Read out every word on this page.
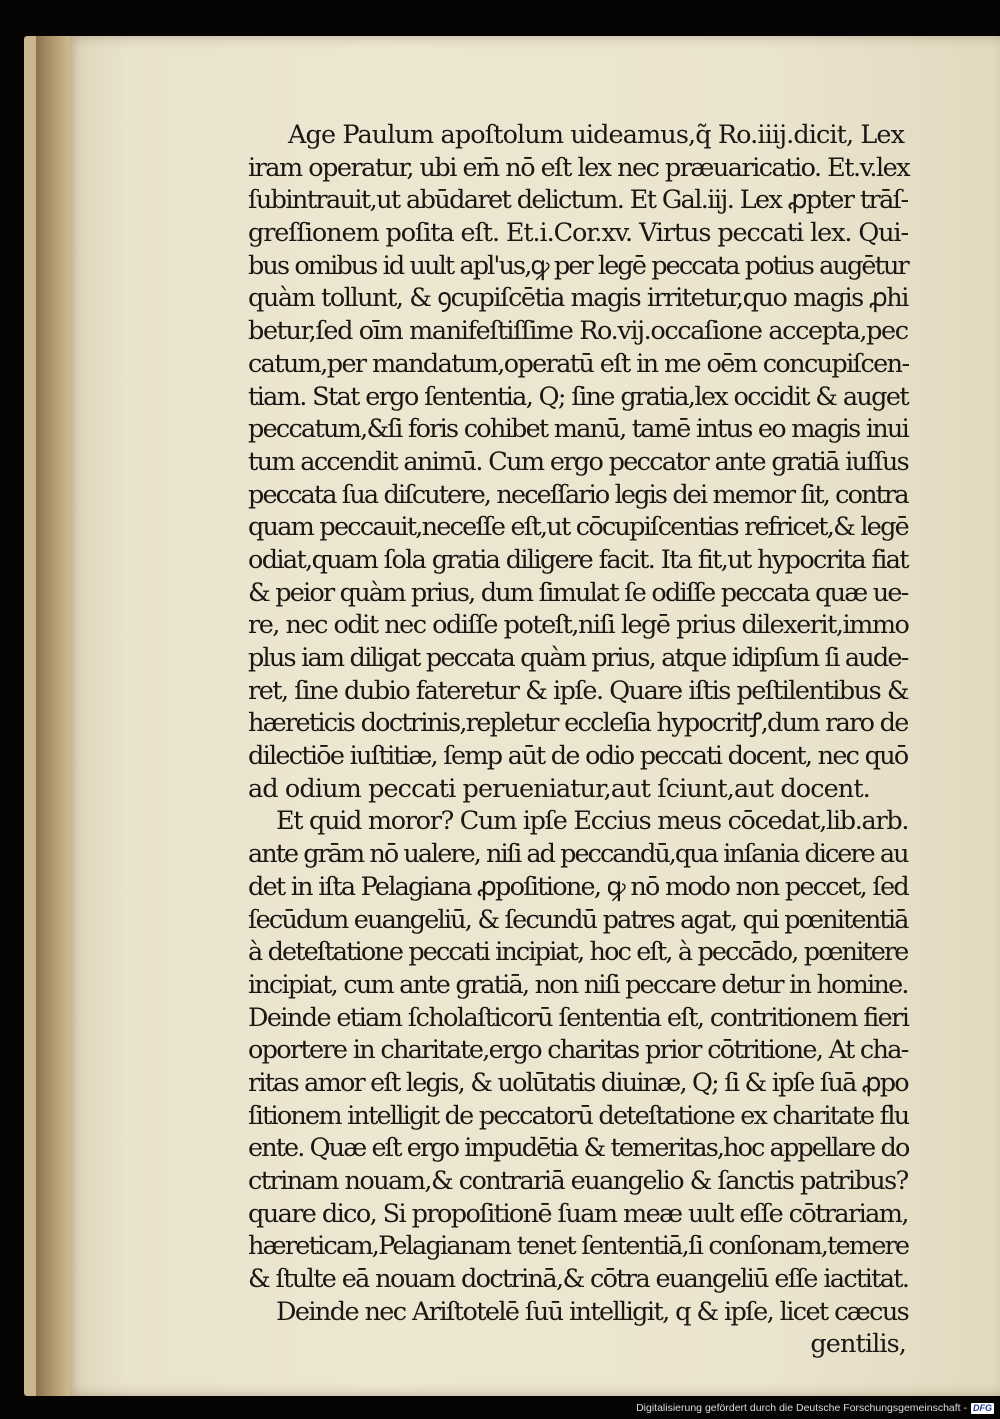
Age Paulum apoſtolum uideamus,q̃ Ro.iiij.dicit, Lex
iram operatur, ubi em̄ nō eſt lex nec præuaricatio. Et.v.lex
ſubintrauit,ut abūdaret delictum. Et Gal.iij. Lex ꝓpter trāſ-
greſſionem poſita eſt. Et.i.Cor.xv. Virtus peccati lex. Qui-
bus omibus id uult apl'us,ꝙ per legē peccata potius augētur
quàm tollunt, & ꝯcupiſcētia magis irritetur,quo magis ꝓhi
betur,ſed oīm manifeſtiſſime Ro.vij.occaſione accepta,pec
catum,per mandatum,operatū eſt in me oēm concupiſcen-
tiam. Stat ergo ſententia, Q; ſine gratia,lex occidit & auget
peccatum,&ſi foris cohibet manū, tamē intus eo magis inui
tum accendit animū. Cum ergo peccator ante gratiā iuſſus
peccata ſua diſcutere, neceſſario legis dei memor ſit, contra
quam peccauit,neceſſe eſt,ut cōcupiſcentias refricet,& legē
odiat,quam ſola gratia diligere facit. Ita fit,ut hypocrita fiat
& peior quàm prius, dum ſimulat ſe odiſſe peccata quæ ue-
re, nec odit nec odiſſe poteſt,niſi legē prius dilexerit,immo
plus iam diligat peccata quàm prius, atque idipſum ſi aude-
ret, ſine dubio fateretur & ipſe. Quare iſtis peſtilentibus &
hæreticis doctrinis,repletur eccleſia hypocritꝭ,dum raro de
dilectiōe iuſtitiæ, ſemp aūt de odio peccati docent, nec quō
ad odium peccati perueniatur,aut ſciunt,aut docent.
Et quid moror? Cum ipſe Eccius meus cōcedat,lib.arb.
ante grām nō ualere, niſi ad peccandū,qua inſania dicere au
det in iſta Pelagiana ꝓpoſitione, ꝙ nō modo non peccet, ſed
ſecūdum euangeliū, & ſecundū patres agat, qui pœnitentiā
à deteſtatione peccati incipiat, hoc eſt, à peccādo, pœnitere
incipiat, cum ante gratiā, non niſi peccare detur in homine.
Deinde etiam ſcholaſticorū ſententia eſt, contritionem fieri
oportere in charitate,ergo charitas prior cōtritione, At cha-
ritas amor eſt legis, & uolūtatis diuinæ, Q; ſi & ipſe ſuā ꝓpo
ſitionem intelligit de peccatorū deteſtatione ex charitate flu
ente. Quæ eſt ergo impudētia & temeritas,hoc appellare do
ctrinam nouam,& contrariā euangelio & ſanctis patribus?
quare dico, Si propoſitionē ſuam meæ uult eſſe cōtrariam,
hæreticam,Pelagianam tenet ſententiā,ſi conſonam,temere
& ſtulte eā nouam doctrinā,& cōtra euangeliū eſſe iactitat.
Deinde nec Ariſtotelē ſuū intelligit, q & ipſe, licet cæcus
gentilis,
Digitalisierung gefördert durch die Deutsche Forschungsgemeinschaft - DFG
